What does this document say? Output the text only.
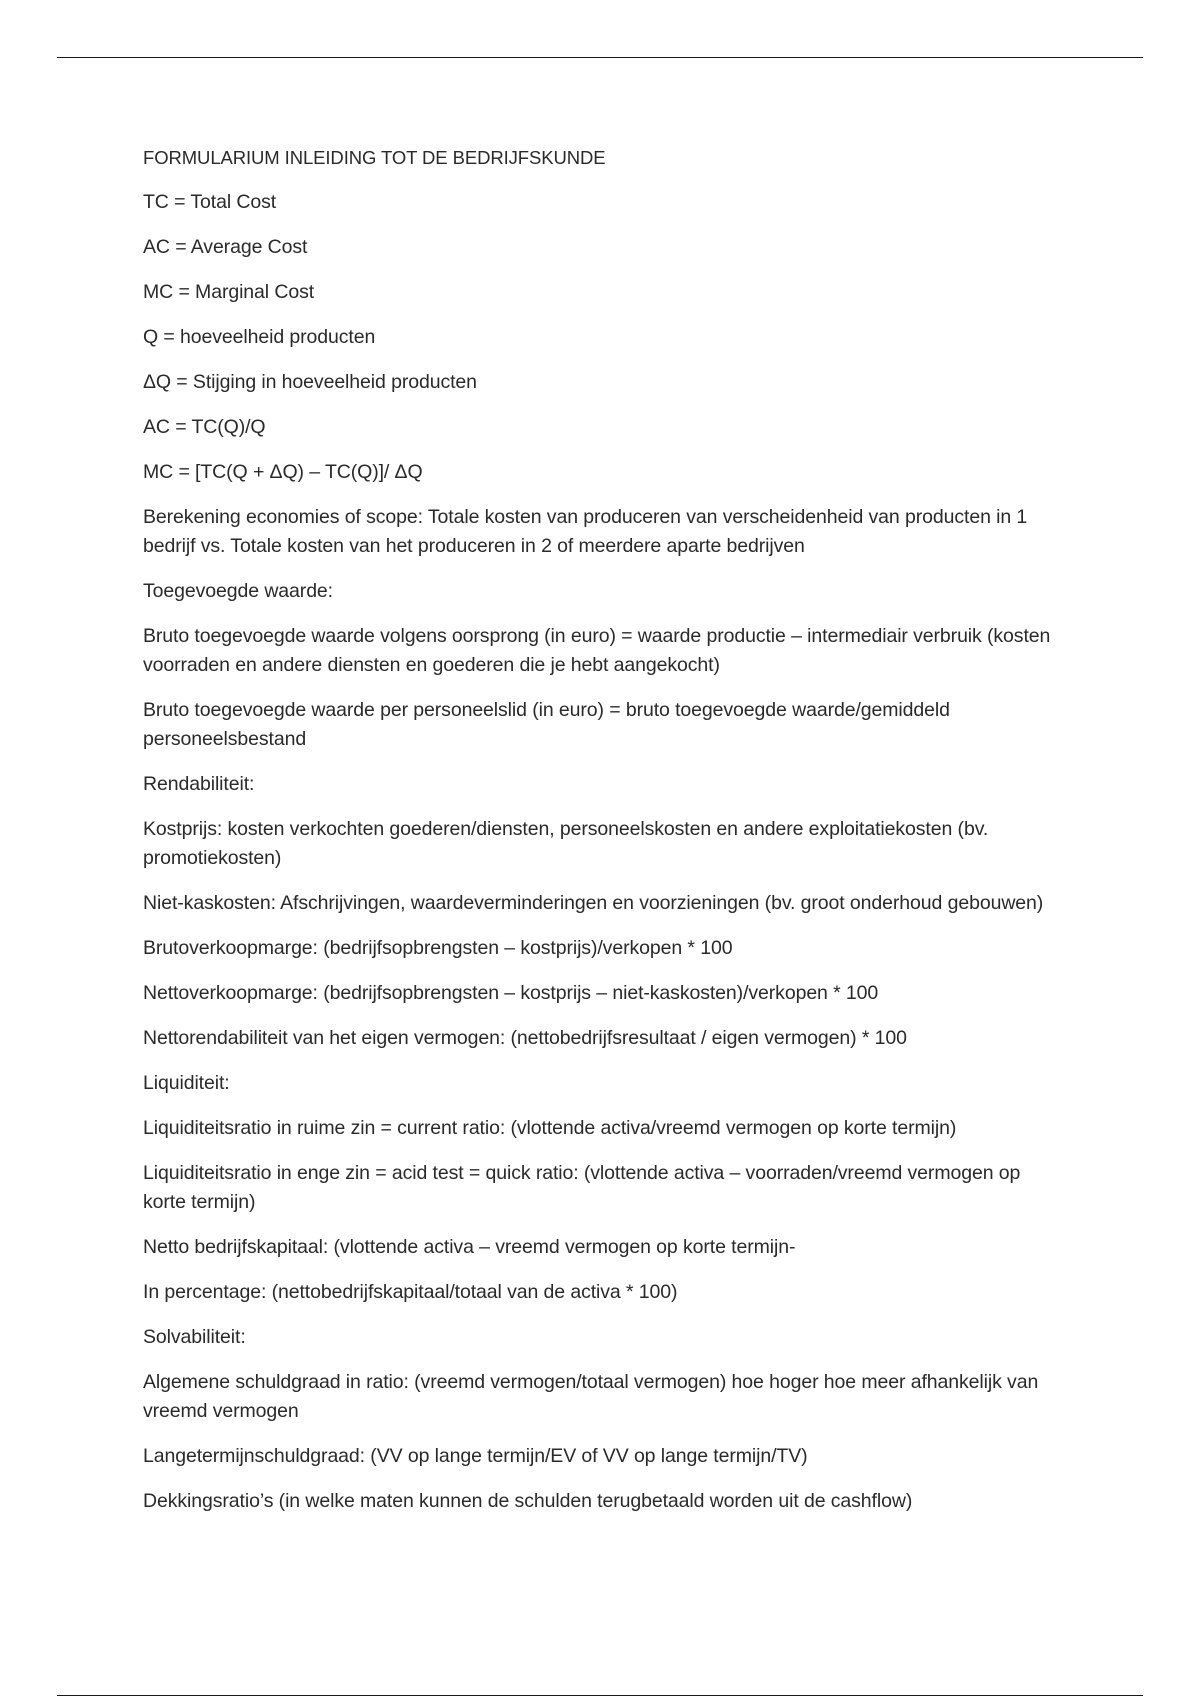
FORMULARIUM INLEIDING TOT DE BEDRIJFSKUNDE

TC = Total Cost

AC = Average Cost

MC = Marginal Cost

Q = hoeveelheid producten

ΔQ = Stijging in hoeveelheid producten

AC = TC(Q)/Q

MC = [TC(Q + ΔQ) – TC(Q)]/ ΔQ

Berekening economies of scope: Totale kosten van produceren van verscheidenheid van producten in 1 bedrijf vs. Totale kosten van het produceren in 2 of meerdere aparte bedrijven

Toegevoegde waarde:

Bruto toegevoegde waarde volgens oorsprong (in euro) = waarde productie – intermediair verbruik (kosten voorraden en andere diensten en goederen die je hebt aangekocht)

Bruto toegevoegde waarde per personeelslid (in euro) = bruto toegevoegde waarde/gemiddeld personeelsbestand

Rendabiliteit:

Kostprijs: kosten verkochten goederen/diensten, personeelskosten en andere exploitatiekosten (bv. promotiekosten)

Niet-kaskosten: Afschrijvingen, waardeverminderingen en voorzieningen (bv. groot onderhoud gebouwen)

Brutoverkoopmarge: (bedrijfsopbrengsten – kostprijs)/verkopen * 100

Nettoverkoopmarge: (bedrijfsopbrengsten – kostprijs – niet-kaskosten)/verkopen * 100

Nettorendabiliteit van het eigen vermogen: (nettobedrijfsresultaat / eigen vermogen) * 100

Liquiditeit:

Liquiditeitsratio in ruime zin = current ratio: (vlottende activa/vreemd vermogen op korte termijn)

Liquiditeitsratio in enge zin = acid test = quick ratio: (vlottende activa – voorraden/vreemd vermogen op korte termijn)

Netto bedrijfskapitaal: (vlottende activa – vreemd vermogen op korte termijn-

In percentage: (nettobedrijfskapitaal/totaal van de activa * 100)

Solvabiliteit:

Algemene schuldgraad in ratio: (vreemd vermogen/totaal vermogen) hoe hoger hoe meer afhankelijk van vreemd vermogen

Langetermijnschuldgraad: (VV op lange termijn/EV of VV op lange termijn/TV)

Dekkingsratio’s (in welke maten kunnen de schulden terugbetaald worden uit de cashflow)
